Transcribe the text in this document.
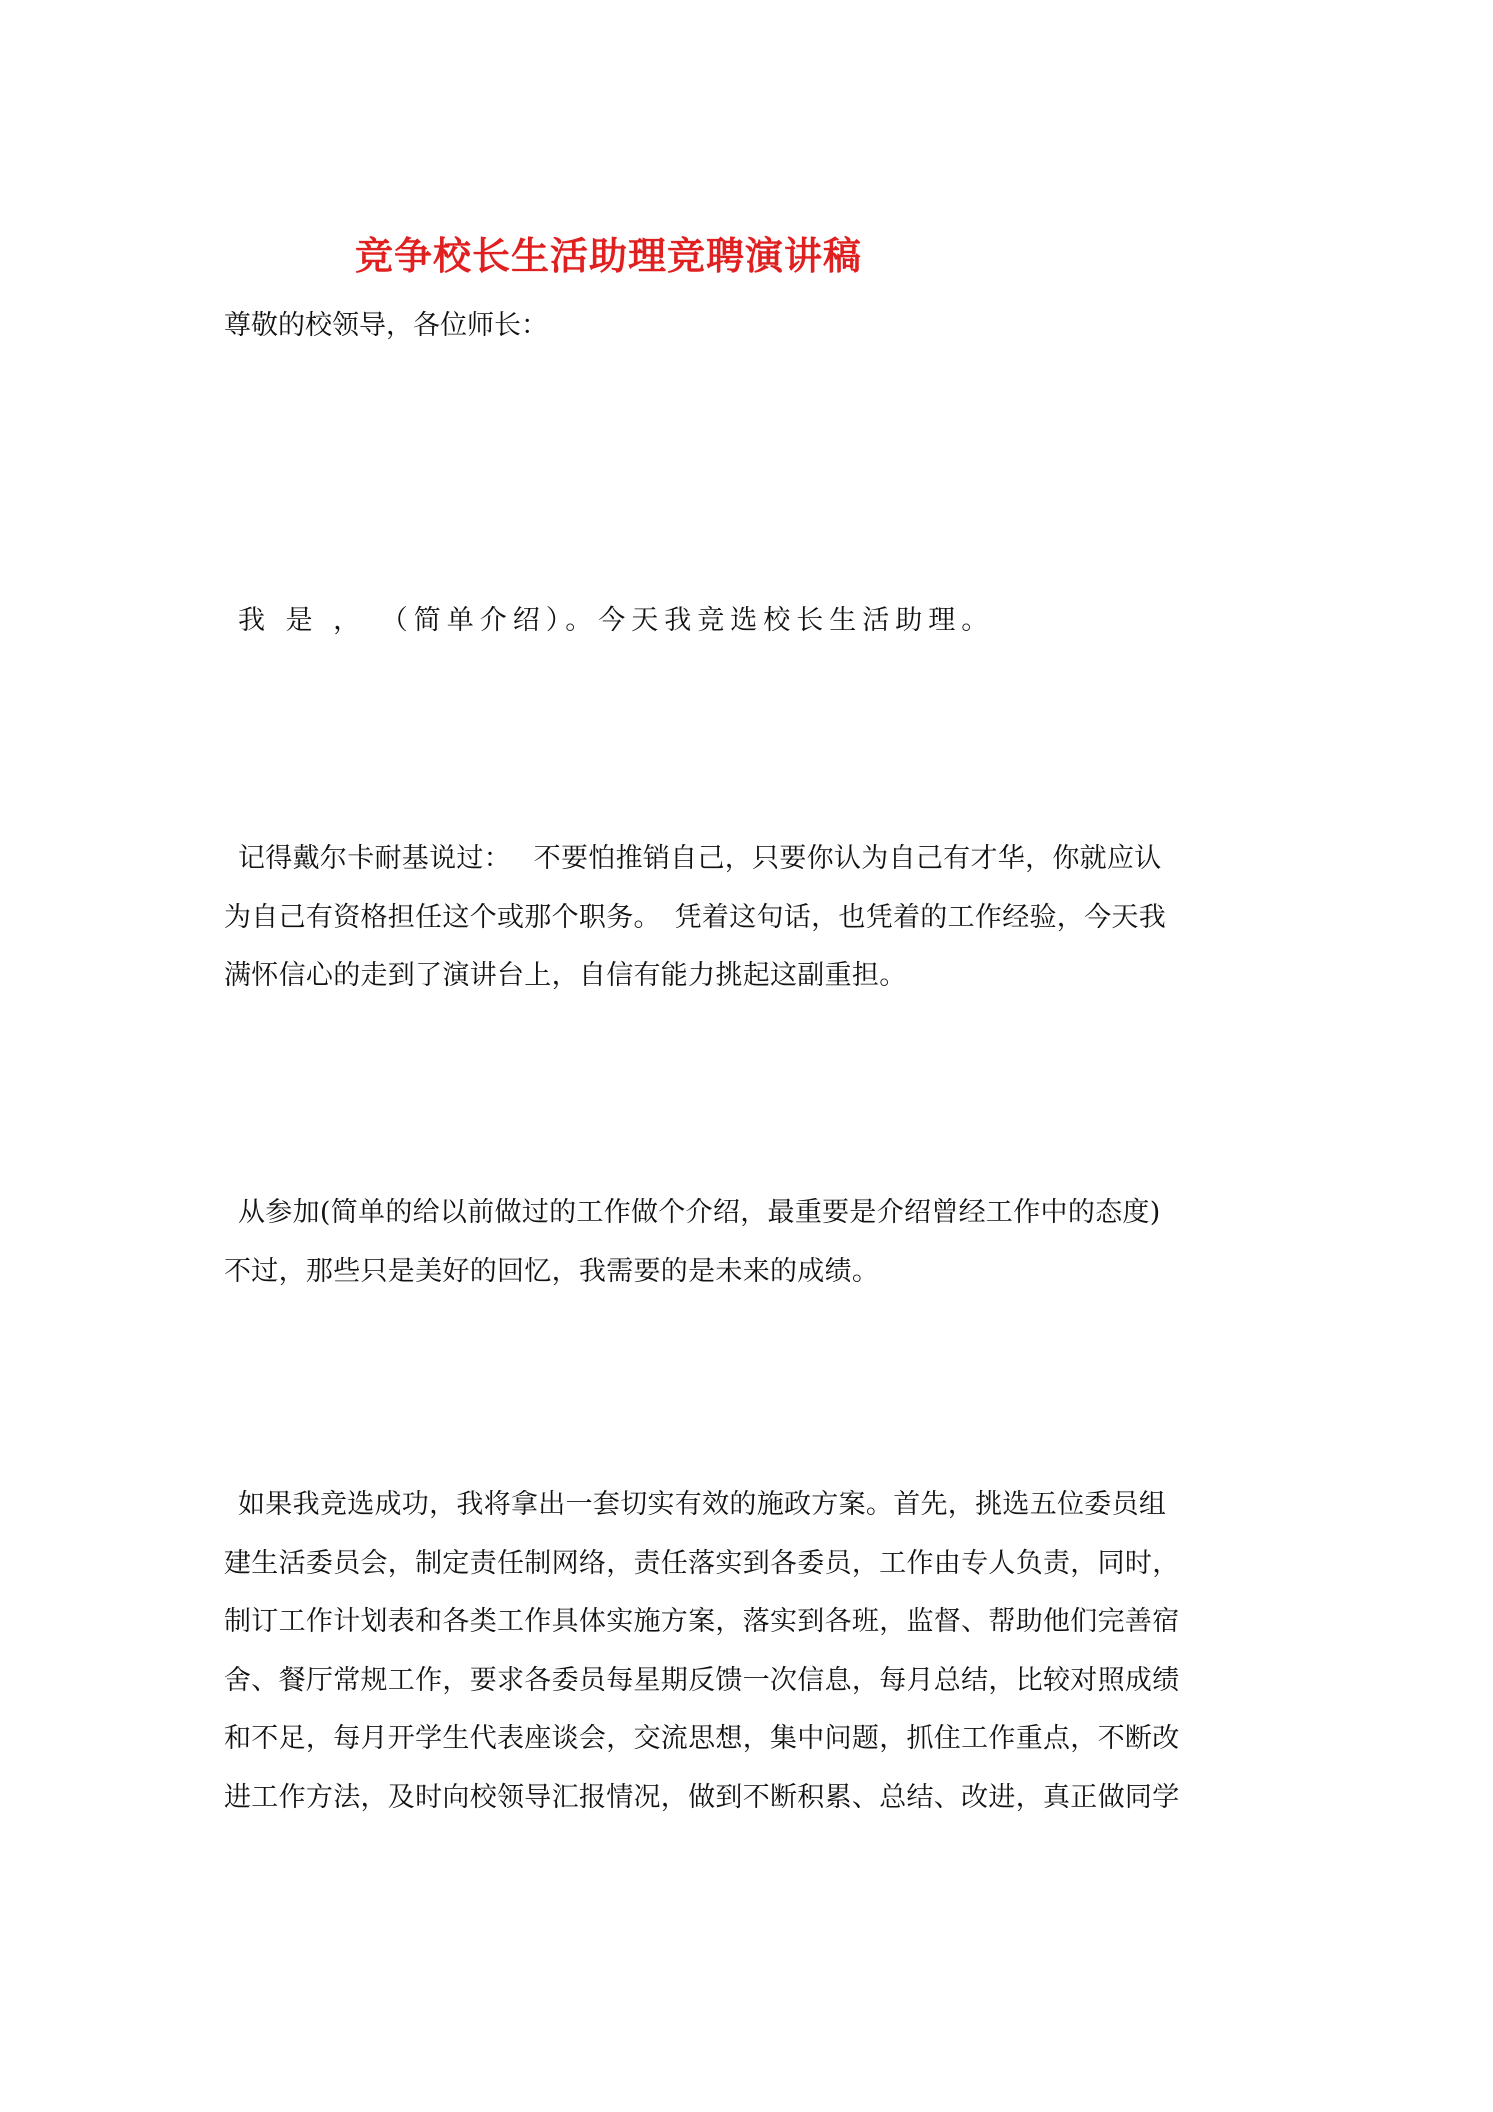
竞争校长生活助理竞聘演讲稿
尊敬的校领导，各位师长：
我 是 ， （简单介绍）。今天我竞选校长生活助理。
记得戴尔卡耐基说过：　 不要怕推销自己，只要你认为自己有才华，你就应认
为自己有资格担任这个或那个职务。　凭着这句话，也凭着的工作经验，今天我
满怀信心的走到了演讲台上，自信有能力挑起这副重担。
从参加(简单的给以前做过的工作做个介绍，最重要是介绍曾经工作中的态度)
不过，那些只是美好的回忆，我需要的是未来的成绩。
如果我竞选成功，我将拿出一套切实有效的施政方案。首先，挑选五位委员组
建生活委员会，制定责任制网络，责任落实到各委员，工作由专人负责，同时，
制订工作计划表和各类工作具体实施方案，落实到各班，监督、帮助他们完善宿
舍、餐厅常规工作，要求各委员每星期反馈一次信息，每月总结，比较对照成绩
和不足，每月开学生代表座谈会，交流思想，集中问题，抓住工作重点，不断改
进工作方法，及时向校领导汇报情况，做到不断积累、总结、改进，真正做同学
